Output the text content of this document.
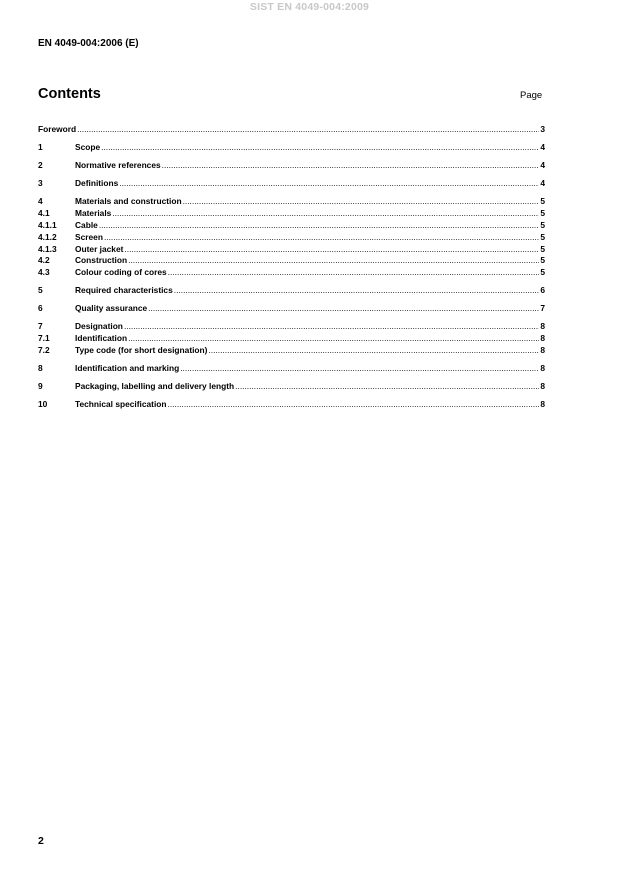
SIST EN 4049-004:2009
EN 4049-004:2006 (E)
Contents	Page
Foreword .....	3
1	Scope .....	4
2	Normative references .....	4
3	Definitions .....	4
4	Materials and construction .....	5
4.1	Materials .....	5
4.1.1	Cable .....	5
4.1.2	Screen .....	5
4.1.3	Outer jacket .....	5
4.2	Construction .....	5
4.3	Colour coding of cores .....	5
5	Required characteristics .....	6
6	Quality assurance .....	7
7	Designation .....	8
7.1	Identification .....	8
7.2	Type code (for short designation) .....	8
8	Identification and marking .....	8
9	Packaging, labelling and delivery length .....	8
10	Technical specification .....	8
2
